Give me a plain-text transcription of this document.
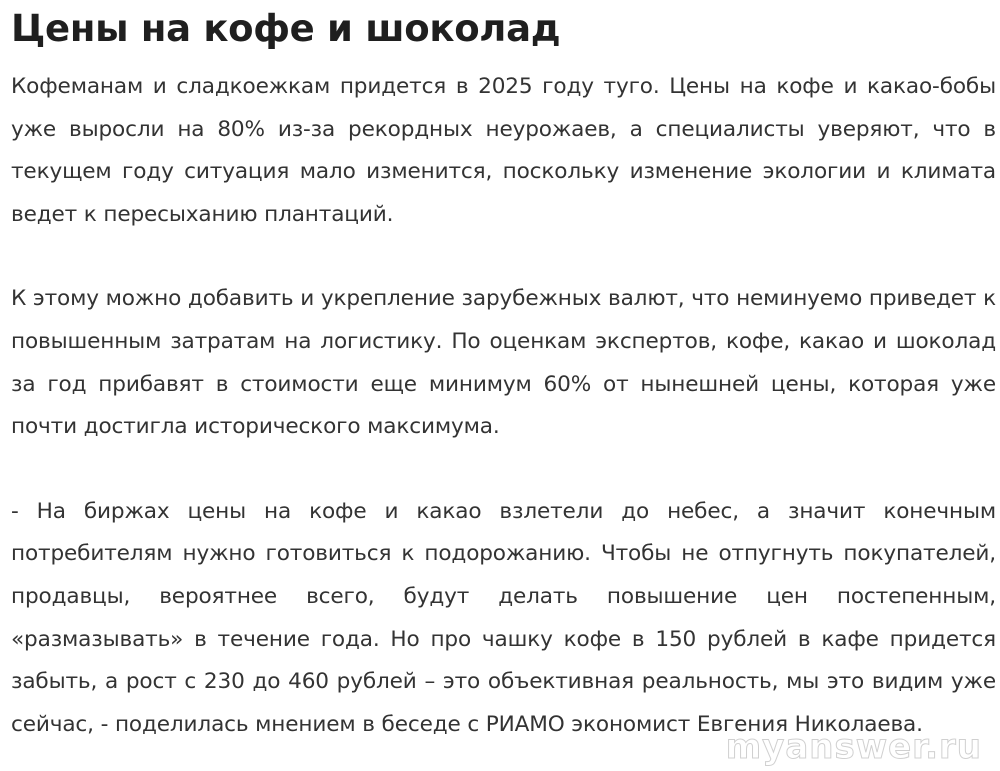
Цены на кофе и шоколад

Кофеманам и сладкоежкам придется в 2025 году туго. Цены на кофе и какао-бобы уже выросли на 80% из-за рекордных неурожаев, а специалисты уверяют, что в текущем году ситуация мало изменится, поскольку изменение экологии и климата ведет к пересыханию плантаций.

К этому можно добавить и укрепление зарубежных валют, что неминуемо приведет к повышенным затратам на логистику. По оценкам экспертов, кофе, какао и шоколад за год прибавят в стоимости еще минимум 60% от нынешней цены, которая уже почти достигла исторического максимума.

- На биржах цены на кофе и какао взлетели до небес, а значит конечным потребителям нужно готовиться к подорожанию. Чтобы не отпугнуть покупателей, продавцы, вероятнее всего, будут делать повышение цен постепенным, «размазывать» в течение года. Но про чашку кофе в 150 рублей в кафе придется забыть, а рост с 230 до 460 рублей – это объективная реальность, мы это видим уже сейчас, - поделилась мнением в беседе с РИАМО экономист Евгения Николаева.

myanswer.ru
